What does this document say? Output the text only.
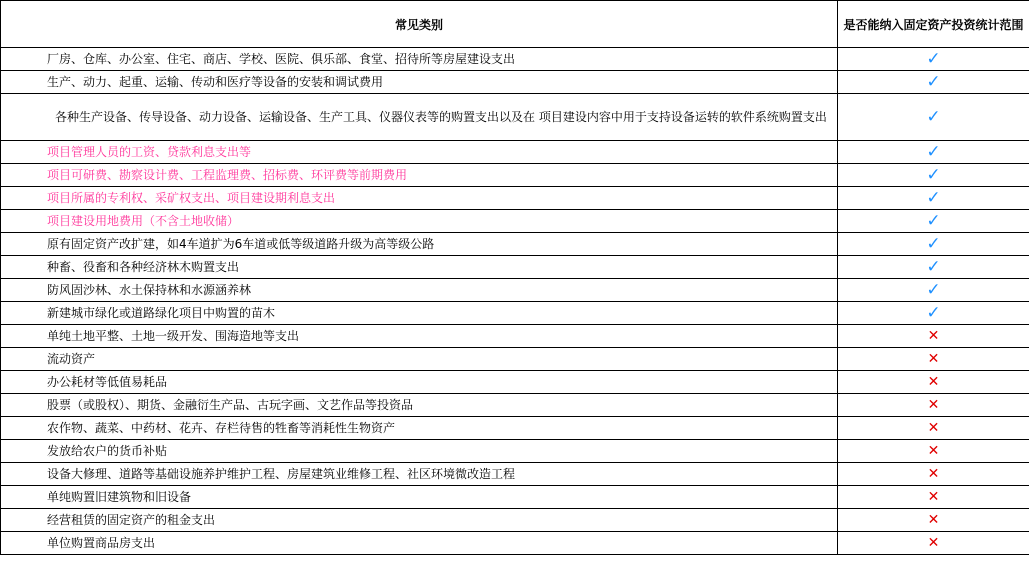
常见类别	是否能纳入固定资产投资统计范围
厂房、仓库、办公室、住宅、商店、学校、医院、俱乐部、食堂、招待所等房屋建设支出	✓
生产、动力、起重、运输、传动和医疗等设备的安装和调试费用	✓
各种生产设备、传导设备、动力设备、运输设备、生产工具、仪器仪表等的购置支出以及在 项目建设内容中用于支持设备运转的软件系统购置支出	✓
项目管理人员的工资、贷款利息支出等	✓
项目可研费、勘察设计费、工程监理费、招标费、环评费等前期费用	✓
项目所属的专利权、采矿权支出、项目建设期利息支出	✓
项目建设用地费用（不含土地收储）	✓
原有固定资产改扩建，如4车道扩为6车道或低等级道路升级为高等级公路	✓
种畜、役畜和各种经济林木购置支出	✓
防风固沙林、水土保持林和水源涵养林	✓
新建城市绿化或道路绿化项目中购置的苗木	✓
单纯土地平整、土地一级开发、围海造地等支出	✕
流动资产	✕
办公耗材等低值易耗品	✕
股票（或股权）、期货、金融衍生产品、古玩字画、文艺作品等投资品	✕
农作物、蔬菜、中药材、花卉、存栏待售的牲畜等消耗性生物资产	✕
发放给农户的货币补贴	✕
设备大修理、道路等基础设施养护维护工程、房屋建筑业维修工程、社区环境微改造工程	✕
单纯购置旧建筑物和旧设备	✕
经营租赁的固定资产的租金支出	✕
单位购置商品房支出	✕
